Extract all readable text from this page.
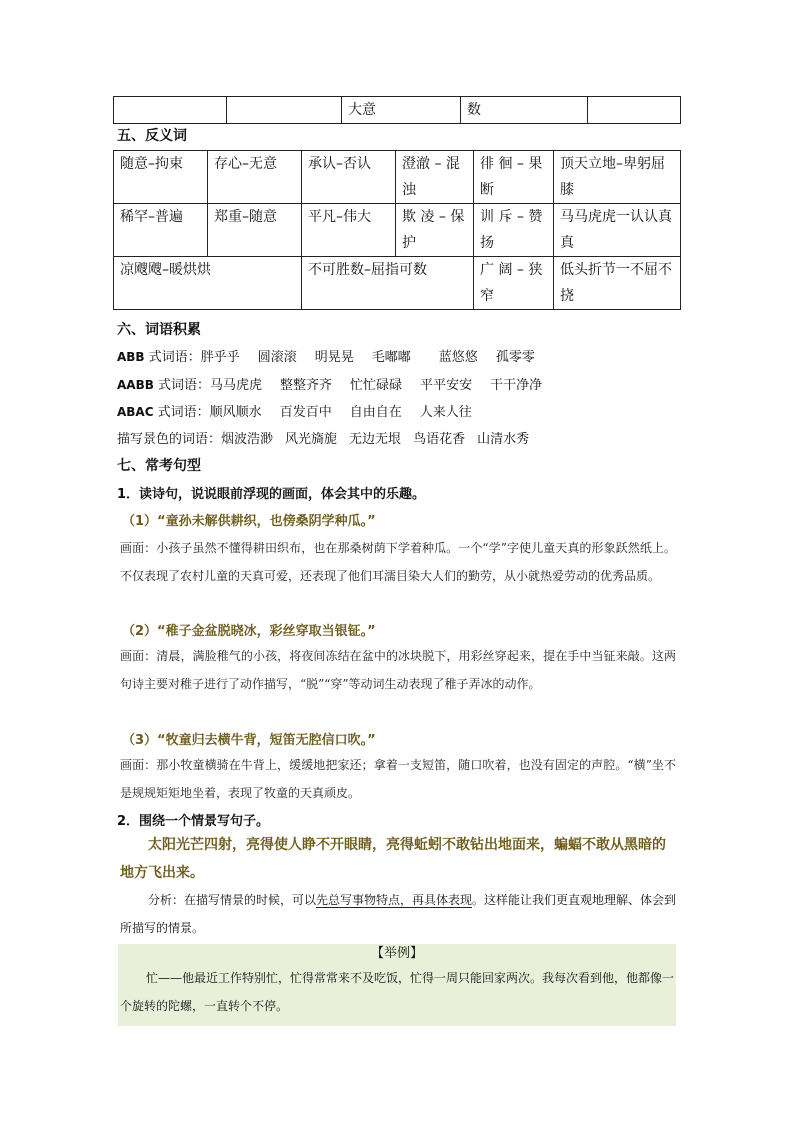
		大意	数	
五、反义词
随意–拘束	存心–无意	承认–否认	澄澈 – 混浊	徘 徊 – 果断	顶天立地–卑躬屈膝
稀罕–普遍	郑重–随意	平凡–伟大	欺 凌 – 保护	训 斥 – 赞扬	马马虎虎一认认真真
凉飕飕–暖烘烘		不可胜数–屈指可数		广 阔 – 狭窄	低头折节一不屈不挠
六、词语积累
ABB 式词语：胖乎乎 圆滚滚 明晃晃 毛嘟嘟 蓝悠悠 孤零零
AABB 式词语：马马虎虎 整整齐齐 忙忙碌碌 平平安安 干干净净
ABAC 式词语：顺风顺水 百发百中 自由自在 人来人往
描写景色的词语：烟波浩渺 风光旖旎 无边无垠 鸟语花香 山清水秀
七、常考句型
1．读诗句，说说眼前浮现的画面，体会其中的乐趣。
（1）“童孙未解供耕织，也傍桑阴学种瓜。”
画面：小孩子虽然不懂得耕田织布，也在那桑树荫下学着种瓜。一个“学”字使儿童天真的形象跃然纸上。不仅表现了农村儿童的天真可爱，还表现了他们耳濡目染大人们的勤劳，从小就热爱劳动的优秀品质。
（2）“稚子金盆脱晓冰，彩丝穿取当银钲。”
画面：清晨，满脸稚气的小孩，将夜间冻结在盆中的冰块脱下，用彩丝穿起来，提在手中当钲来敲。这两句诗主要对稚子进行了动作描写，“脱”“穿”等动词生动表现了稚子弄冰的动作。
（3）“牧童归去横牛背，短笛无腔信口吹。”
画面：那小牧童横骑在牛背上，缓缓地把家还；拿着一支短笛，随口吹着，也没有固定的声腔。“横”坐不是规规矩矩地坐着，表现了牧童的天真顽皮。
2．围绕一个情景写句子。
太阳光芒四射，亮得使人睁不开眼睛，亮得蚯蚓不敢钻出地面来，蝙蝠不敢从黑暗的地方飞出来。
分析：在描写情景的时候，可以先总写事物特点，再具体表现。这样能让我们更直观地理解、体会到所描写的情景。
【举例】
忙——他最近工作特别忙，忙得常常来不及吃饭，忙得一周只能回家两次。我每次看到他，他都像一个旋转的陀螺，一直转个不停。
